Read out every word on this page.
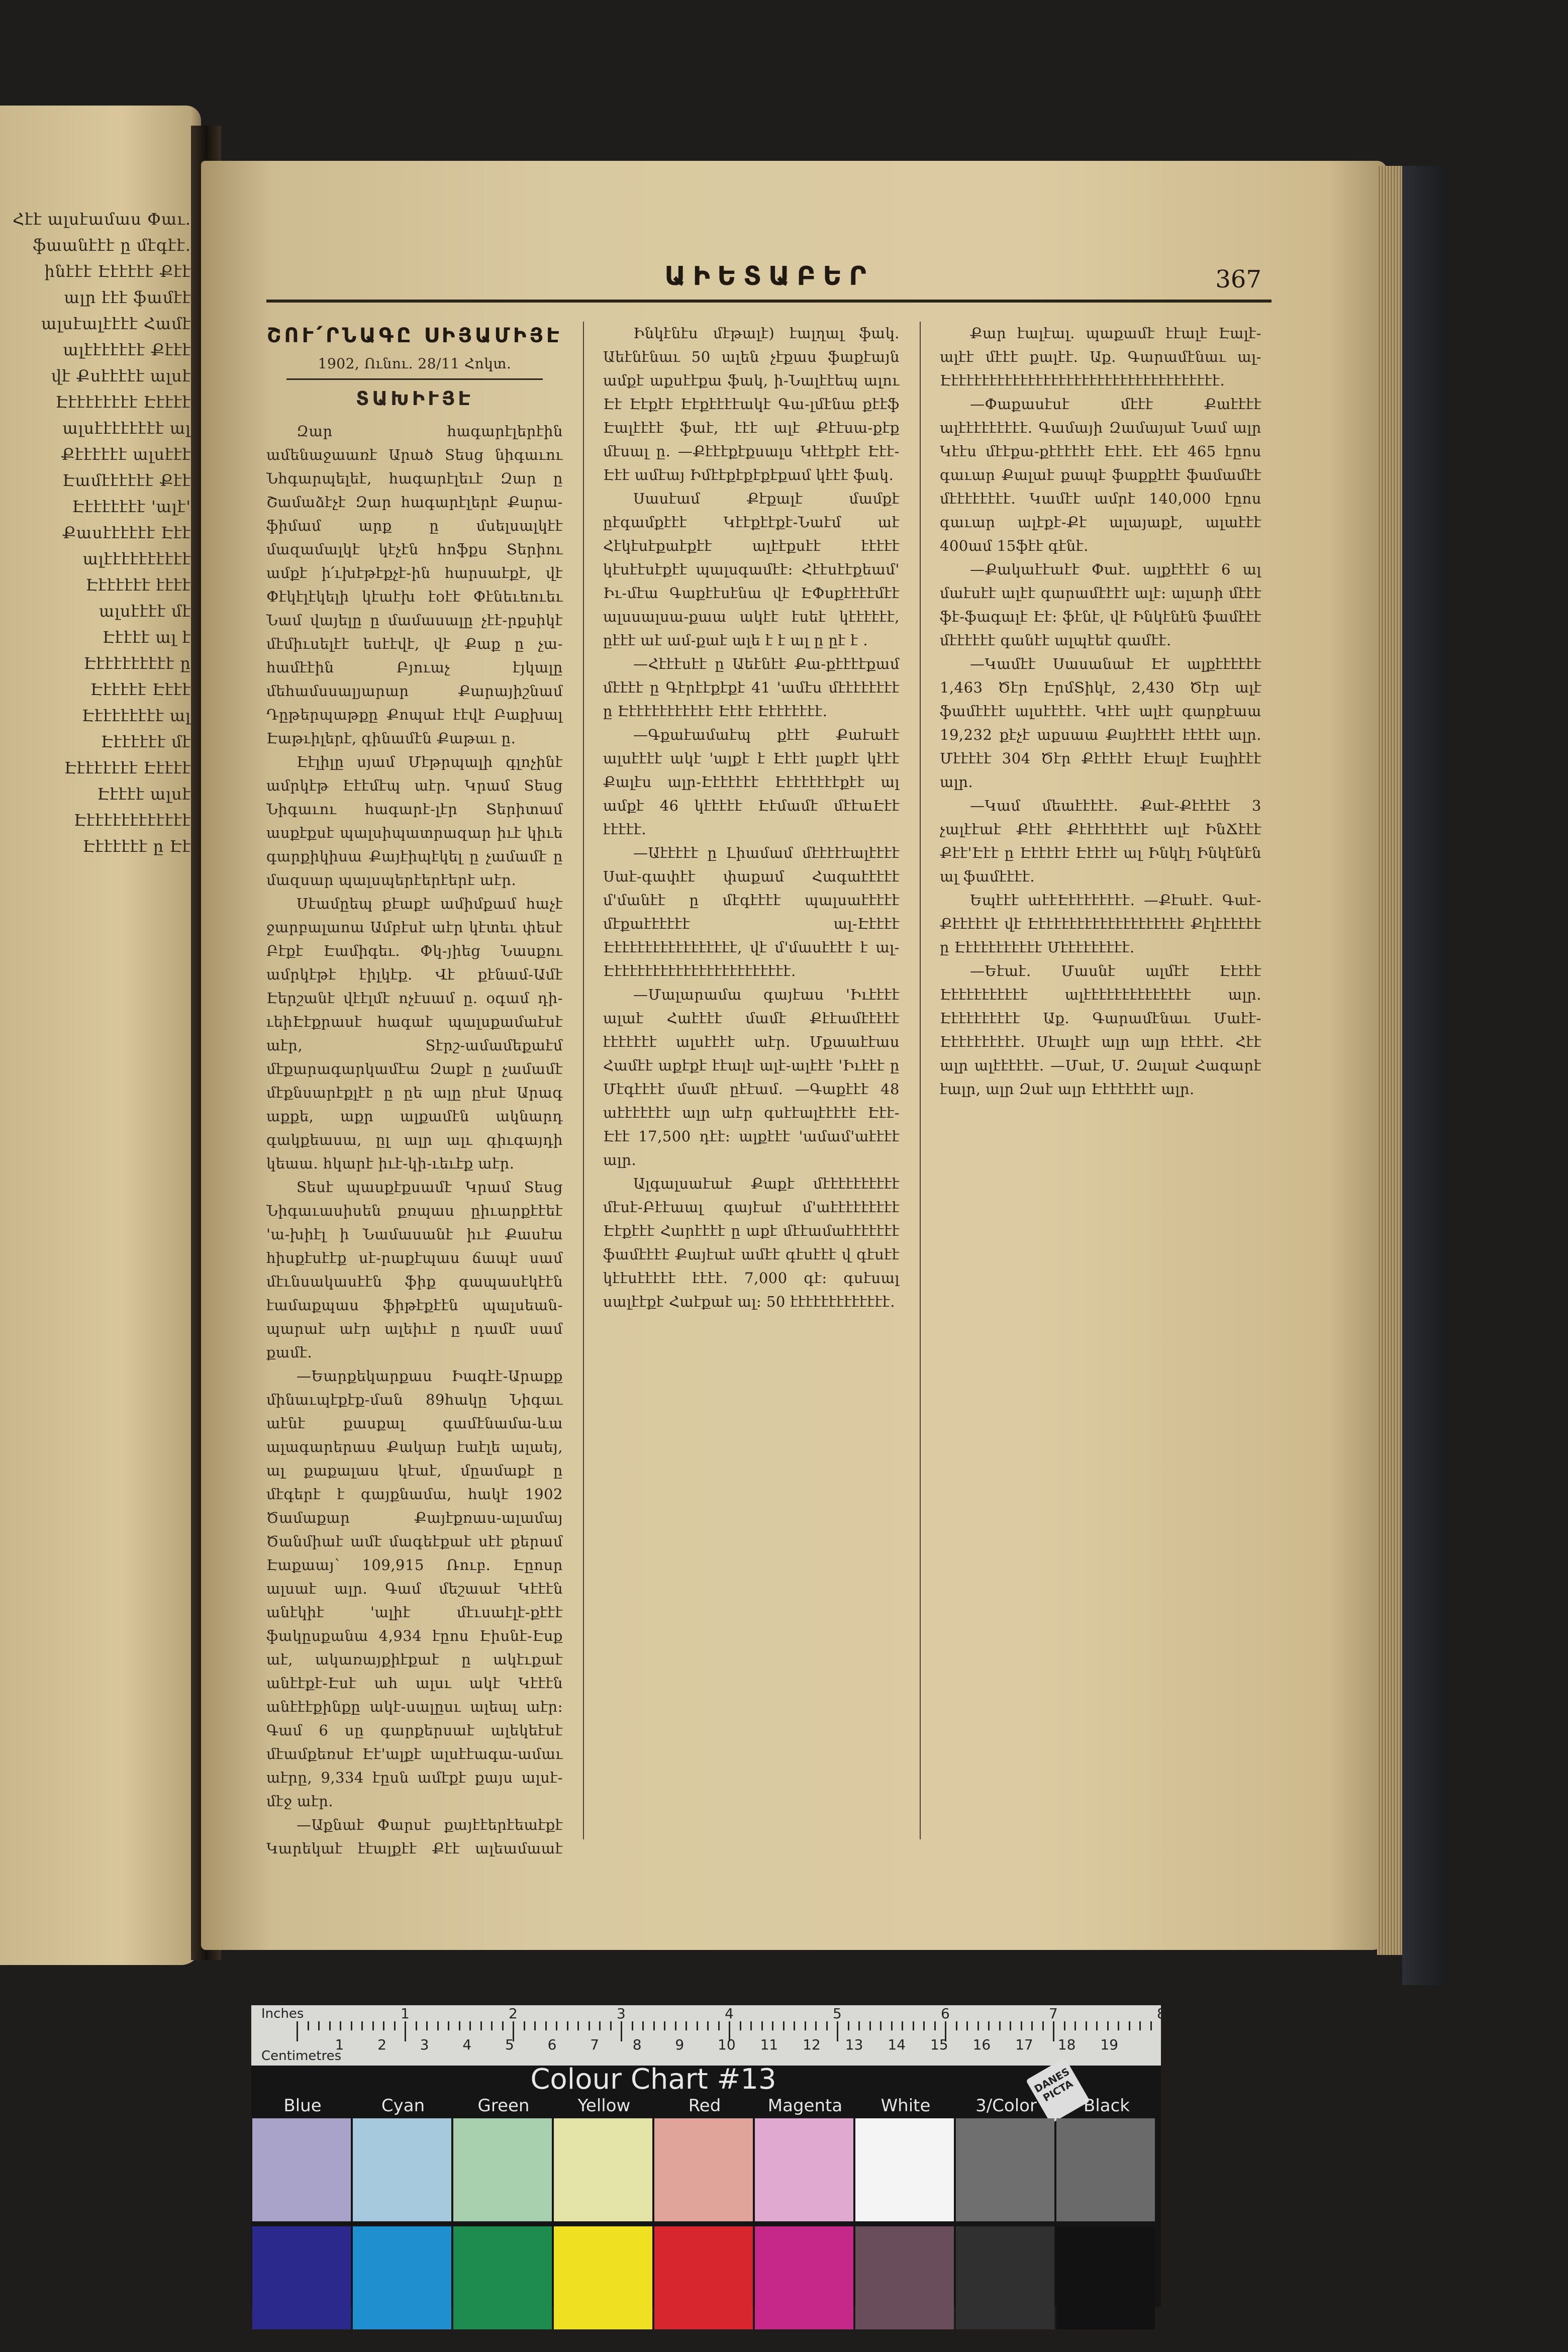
Հէէ ալսէամաս Փաւ.
ֆաանէէէ ը մէգէէ.
ինէէէ Էէէէէէ Քէէ
ալր էէէ ֆամէէ
ալսէալէէէէ Համէ
ալէէէէէէէ Քէէէ
վէ Քսէէէէէ ալսէ
Էէէէէէէէէ Էէէէէ
ալսէէէէէէէէ ալ
Քէէէէէէ ալսէէէ
Էամէէէէէէ Քէէ
Էէէէէէէէ 'ալէ'
Քասէէէէէէ Էէէ
ալէէէէէէէէէէ
Էէէէէէէ էէէէ
ալսէէէէ մէ
Էէէէէ ալ է
Էէէէէէէէէէ ը
Էէէէէէ Էէէէ
Էէէէէէէէէ ալ
Էէէէէէէ մէ
Էէէէէէէէ Էէէէէ
Էէէէէ ալսէ
Էէէէէէէէէէէէէ
Էէէէէէէ ը Էէ
ԱԻԵՏԱԲԵՐ	367
ՇՈՒ՛ՐՆԱԳԸ ՍԻՅԱՄԻՅԷ
1902, Ունու. 28/11 Հոկտ.
ՏԱԽԻՒՅԷ

Զար հագարէլերէին ամենաջաառէ Արած Sեսց նիգաւու Նհգարպելեէ, հագարէլեւէ Զար ը Շամաձէչէ Զար հագարէլերէ Քարա-ֆիմամ արք ը մսելսալկէէ մազամալկէ կէչէն հոֆքս Տերիու ամքէ ի՛ւխէթէքչէ-ին հարսաէքէ, վէ Փէկէլէկելի կէաէխ էօէէ Փէնեւեուեւ Նամ վայելը ը մամասալը չէէ-րքսիկէ մէմիւսելէէ եսէէվէ, վէ Քաք ը չա-համէէին Բյուաչ էյկալը մեհամսսալյարար Քարայիշնամ Դըթերպաթքը Քոպաէ էէվէ Բաքխալ Էաթւիլերէ, գինամէն Քաթաւ ը.

Էէլիլը սյամ Մէթրպալի գլոչինէ ամրկէթ Էէէմէպ աէր. Կրամ Sեսց Նիգաւու հագարէ-լէր Տերիտամ ասքէքսէ պալսիպատրազար իւէ կիւե գարքիկիսա Քայէիպէկել ը չամամէ ը մազսար պալսպերէերէերէ աէր.

Սէամըեպ քէաքէ ամիմքամ հաչէ ջարբալաոա Ամբէսէ աէր կէտեւ փեսէ Բէքէ Էամիգեւ. Փկ-յիեց Նասքու ամրկէթէ էիլկէք. Վէ քէնամ-Ամէ Էերշանէ վէէլմէ ոչէսամ ը. օգամ դի-ւեիԷէքրասէ հագաէ պալսքամաէսէ աէր, Sէրշ-ամամեքաէմ մէքարագարկամէա Զաքէ ը չամամէ մէքնսարէքլէէ ը ըե ալը ըէսէ Արագ աքքե, աքր ալքամէն ակնարդ գակքեասա, ըլ ալր ալւ գիւգայդի կեաա. հկարէ իւէ-կի-ւեւէք աէր.

Sեսէ պասքէքսամէ Կրամ Sեսց Նիգաւասիսեն քռպաս ըիւարքէէեէ 'ա-խիէլ ի Նամասանէ իւէ Քասէա հիսքէսէէք սէ-րաքէպաս ճապէ սամ մէւնսակասէէն ֆիք գապասէկէէն էամաքպաս ֆիթէքէէն պալսեան-պարաէ աէր ալեիւէ ը դամէ սամ քամէ.

—Եարքեկարքաս Իագէէ-Արաքք մինաւպէքէք-ման 89հակը Նիգաւ աէնէ քասքալ գամէնամա-ևա ալագարերաս Քակար էաէլե ալաեյ, ալ քաքալաս կէաէ, մըամաքէ ը մէգերէ է գայքնամա, հակէ 1902 Ծամաքար Քայէքռաս-ալամայ Ծանմիաէ ամէ մագեէքաէ սէէ քերամ Էաքաայ՝ 109,915 Ռուբ. Էըոսր ալսաէ ալր. Գամ մեշաաէ Կէէէն անէկիէ 'ալիէ մէւսաէլէ-քէէէ ֆակըսքանա 4,934 էըոս Էիսնէ-Էսք աէ, ակառայքիէքաէ ը ակէւքաէ անէէքէ-Էսէ ահ ալսւ ակէ Կէէէն անէէէքինքը ակէ-սալըսւ ալեալ աէր: Գամ 6 սը գարքերսաէ ալեկեէսէ մէամքեռսէ Էէ'ալքէ ալսէէագա-ամաւ աէրը, 9,334 էըսն ամէքէ քայս ալսէ-մէջ աէր.

—Աքնաէ Փարսէ քայէէերէեաէքէ Կարեկաէ էէալքէէ Քէէ ալեամաաէ

Ինկէնէս մէթալէ) էալղալ ֆակ. Աեէնէնաւ 50 ալեն չէքաս ֆաքէայն ամքէ աքսէէքա ֆակ, ի-Նալէէեպ ալու Էէ Էէքէէ Էէքէէէէակէ Գա-լմէնա քէէֆ Էալէէէէ ֆաէ, էէէ ալէ Քէէսա-քէք մէսալ ը. —Քէէէքէքսալս Կէէէքէէ Էէէ-Էէէ ամէայ Իմէէքէքէքէքամ կէէէ ֆակ.

Սասէամ Քէքալէ մամքէ ըէգամքէէէ Կէէքէէքէ-Նաէմ աէ Հէկէսէքաէքէէ ալէէքսէէ էէէէէ կէսէէսէքէէ պալսգամէէ: Հէէսէէքեամ' Իւ-մէա Գաքէէսէնա վէ ԷՓսքէէէէմէէ ալսսալսա-քաա ակէէ էսեէ կէէէէէէ, ըէէէ աէ ամ-քաէ ալե է է ալ ը ըէ է .

—Հէէէսէէ ը Աեէնէէ Քա-քէէէէքամ մէէէէ ը Գէրէէքէքէ 41 'ամէս մէէէէէէէէ ը Էէէէէէէէէէէէ Էէէէ Էէէէէէէէ.

—Գքաէամաէպ քէէէ Քաէաէէ ալսէէէէ ակէ 'ալքէ է Էէէէ լաքէէ կէէէ Քալէս ալր-Էէէէէէէ Էէէէէէէէքէէ ալ ամքէ 46 կէէէէէ Էէմամէ մէէաԷէէ էէէէէ.

—Աէէէէէ ը Լիամամ մէէէէէալէէէէ Սաէ-գափէէ փաքամ Հագաէէէէէ մ'մանէէ ը մէգէէէէ պալսաէէէէէ մէքաէէէէէէ ալ-Էէէէէ Էէէէէէէէէէէէէէէէէ, վէ մ'մասէէէէ է ալ-Էէէէէէէէէէէէէէէէէէէէէէէէ.

—Մալարամա գայէաս 'Իւէէէէ ալաէ Հաէէէէ մամէ Քէէամէէէէէ էէէէէէէ ալսէէէէ աէր. Մքաաէէաս Համէէ աքէքէ էէալէ ալէ-ալէէէ 'Իւէէէ ը Մէգէէէէ մամէ ըէէամ. —Գաքէէէ 48 աէէէէէէէ ալր աէր գսէէալէէէէէ Էէէ-Էէէ 17,500 դէէ: ալքէէէ 'ամամ'աէէէէ ալր.

Ալգալսաէաէ Քաքէ մէէէէէէէէէէ մէսէ-Բէէաալ գայէաէ մ'աէէէէէէէէէ Էէքէէէ Հարէէէէ ը աքէ մէէամաէէէէէէէ ֆամէէէէ Քայէաէ ամէէ գէսէէէ վ գէսէէ կէէսէէէէէ էէէէ. 7,000 գէ: գսէսալ սալէէքէ Հաէքաէ ալ: 50 էէէէէէէէէէէէէ.

Քար էալէալ. պաքամէ էէալէ Էալէ-ալէէ մէէէ քալէէ. Աք. Գարամէնաւ ալ-Էէէէէէէէէէէէէէէէէէէէէէէէէէէէէէէէէէէէ.

—Փաքասէսէ մէէէ Քաէէէէ ալէէէէէէէէէ. Գամայի Զամայաէ Նամ ալր Կէէս մէէքա-քէէէէէէ Էէէէ. Էէէ 465 էըոս գաւար Քալաէ քապէ ֆաքքէէէ ֆամամէէ մէէէէէէէէ. Կամէէ ամրէ 140,000 էըոս գաւար ալէքէ-Քէ ալայաքէ, ալաէէէ 400ամ 15ֆէէ գէնէ.

—Քակաէէաէէ Փաէ. ալքէէէէէ 6 ալ մաէսէէ ալէէ գարամէէէէ ալէ: ալարի մէէէ ֆէ-ֆագալէ Էէ: ֆէնէ, վէ Ինկէնէն ֆամէէէ մէէէէէէ գանէէ ալպէեէ գամէէ.

—Կամէէ Սասանաէ Էէ ալքէէէէէէ 1,463 Ծէր ԷրմՏիկէ, 2,430 Ծէր ալէ ֆամէէէէ ալսէէէէէ. Կէէէ ալէէ գարքէաա 19,232 քէչէ աքսաա Քայէէէէէ էէէէէ ալր. Մէէէէէ 304 Ծէր Քէէէէէ Էէալէ Էալիէէէ ալր.

—Կամ մեաէէէէէ. Քաէ-Քէէէէէ 3 չալէէաէ Քէէէ Քէէէէէէէէէ ալէ ԻնՃէէէ Քէէ'Էէէ ը Էէէէէէ Էէէէէ ալ Ինկէլ Ինկէնէն ալ ֆամէէէէ.

Եպէէէ աէէԷէէէէէէէէ. —Քէաէէ. Գաէ-Քէէէէէէ վէ Էէէէէէէէէէէէէէէէէէէէ Քէլէէէէէէ ը Էէէէէէէէէէէ Մէէէէէէէէէ.

—Եէաէ. Մասնէ ալմէէ Էէէէէ Էէէէէէէէէէէ ալէէէէէէէէէէէէէէ ալր. Էէէէէէէէէէ Աք. Գարամէնաւ Մաէէ-Էէէէէէէէէէ. Սէալէէ ալր ալր էէէէէ. Հէէ ալր ալէէէէէէ. —Մաէ, Մ. Զալաէ Հագարէ էալր, ալր Զաէ ալր Էէէէէէէէ ալր.

Inches
Centimetres
1	2	3	4	5	6	7	8
1 2 3 4 5 6 7 8 9 10 11 12 13 14 15 16 17 18 19
Colour Chart #13	DANES PICTA
Blue	Cyan	Green	Yellow	Red	Magenta	White	3/Color	Black
